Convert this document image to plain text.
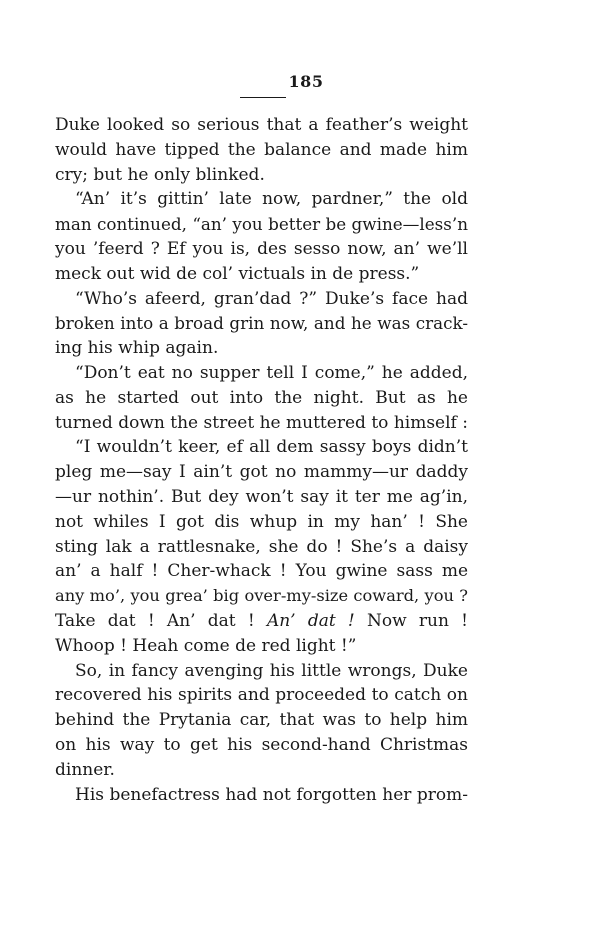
185
Duke looked so serious that a feather’s weight
would have tipped the balance and made him
cry; but he only blinked.
“An’ it’s gittin’ late now, pardner,” the old
man continued, “an’ you better be gwine—less’n
you ’feerd ? Ef you is, des sesso now, an’ we’ll
meck out wid de col’ victuals in de press.”
“Who’s afeerd, gran’dad ?” Duke’s face had
broken into a broad grin now, and he was crack-
ing his whip again.
“Don’t eat no supper tell I come,” he added,
as he started out into the night. But as he
turned down the street he muttered to himself :
“I wouldn’t keer, ef all dem sassy boys didn’t
pleg me—say I ain’t got no mammy—ur daddy
—ur nothin’. But dey won’t say it ter me ag’in,
not whiles I got dis whup in my han’ ! She
sting lak a rattlesnake, she do ! She’s a daisy
an’ a half ! Cher-whack ! You gwine sass me
any mo’, you grea’ big over-my-size coward, you ?
Take dat ! An’ dat ! An’ dat ! Now run !
Whoop ! Heah come de red light !”
So, in fancy avenging his little wrongs, Duke
recovered his spirits and proceeded to catch on
behind the Prytania car, that was to help him
on his way to get his second-hand Christmas
dinner.
His benefactress had not forgotten her prom-
